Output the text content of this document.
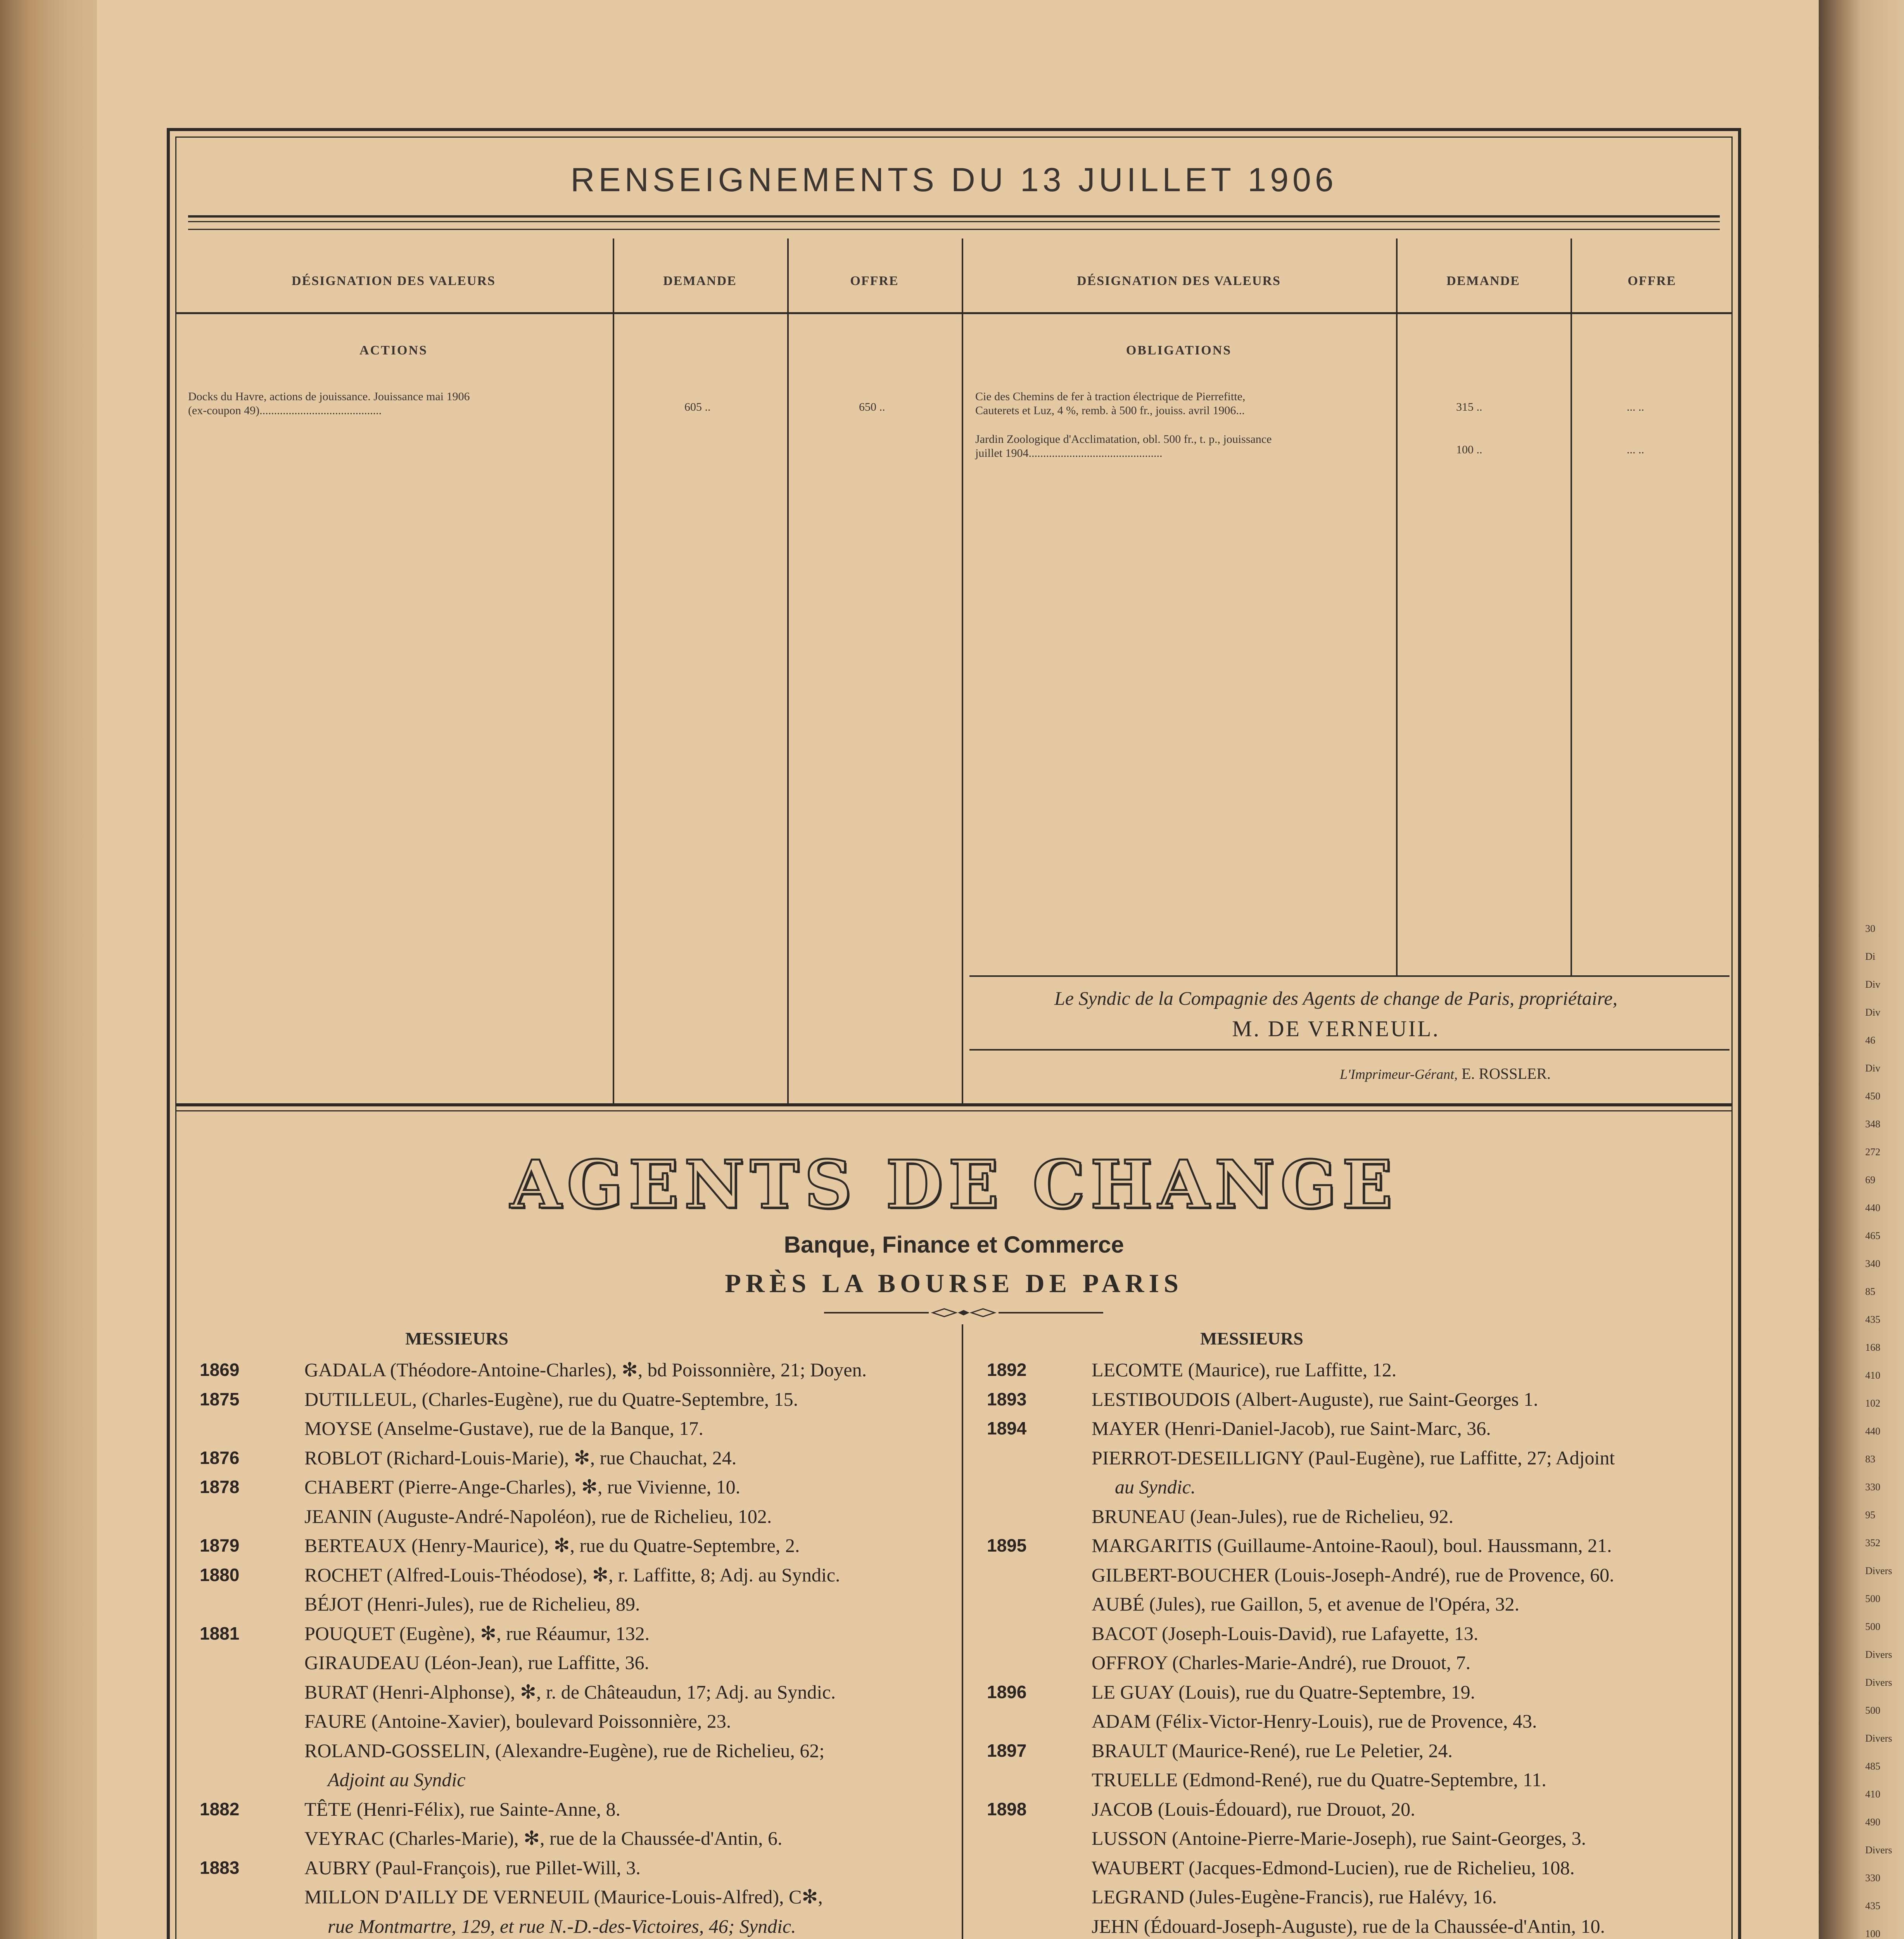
30
Di
Div
Div
46
Div
450
348
272
69
440
465
340
85
435
168
410
102
440
83
330
95
352
Divers
500
500
Divers
Divers
500
Divers
485
410
490
Divers
330
435
100
RENSEIGNEMENTS DU 13 JUILLET 1906
DÉSIGNATION DES VALEURS	DEMANDE	OFFRE	DÉSIGNATION DES VALEURS	DEMANDE	OFFRE
ACTIONS
Docks du Havre, actions de jouissance. Jouissance mai 1906
(ex-coupon 49)..........................................	605 ..	650 ..
OBLIGATIONS
Cie des Chemins de fer à traction électrique de Pierrefitte,
Cauterets et Luz, 4 %, remb. à 500 fr., jouiss. avril 1906...	315 ..	... ..
Jardin Zoologique d'Acclimatation, obl. 500 fr., t. p., jouissance
juillet 1904..............................................	100 ..	... ..
Le Syndic de la Compagnie des Agents de change de Paris, propriétaire,
M. DE VERNEUIL.
L'Imprimeur-Gérant, E. ROSSLER.
AGENTS DE CHANGE
Banque, Finance et Commerce
PRÈS LA BOURSE DE PARIS
MESSIEURS	MESSIEURS
1869	GADALA (Théodore-Antoine-Charles), ✻, bd Poissonnière, 21; Doyen.
1875	DUTILLEUL, (Charles-Eugène), rue du Quatre-Septembre, 15.
MOYSE (Anselme-Gustave), rue de la Banque, 17.
1876	ROBLOT (Richard-Louis-Marie), ✻, rue Chauchat, 24.
1878	CHABERT (Pierre-Ange-Charles), ✻, rue Vivienne, 10.
JEANIN (Auguste-André-Napoléon), rue de Richelieu, 102.
1879	BERTEAUX (Henry-Maurice), ✻, rue du Quatre-Septembre, 2.
1880	ROCHET (Alfred-Louis-Théodose), ✻, r. Laffitte, 8; Adj. au Syndic.
BÉJOT (Henri-Jules), rue de Richelieu, 89.
1881	POUQUET (Eugène), ✻, rue Réaumur, 132.
GIRAUDEAU (Léon-Jean), rue Laffitte, 36.
BURAT (Henri-Alphonse), ✻, r. de Châteaudun, 17; Adj. au Syndic.
FAURE (Antoine-Xavier), boulevard Poissonnière, 23.
ROLAND-GOSSELIN, (Alexandre-Eugène), rue de Richelieu, 62;
Adjoint au Syndic
1882	TÊTE (Henri-Félix), rue Sainte-Anne, 8.
VEYRAC (Charles-Marie), ✻, rue de la Chaussée-d'Antin, 6.
1883	AUBRY (Paul-François), rue Pillet-Will, 3.
MILLON D'AILLY DE VERNEUIL (Maurice-Louis-Alfred), C✻,
rue Montmartre, 129, et rue N.-D.-des-Victoires, 46; Syndic.
1892	LECOMTE (Maurice), rue Laffitte, 12.
1893	LESTIBOUDOIS (Albert-Auguste), rue Saint-Georges 1.
1894	MAYER (Henri-Daniel-Jacob), rue Saint-Marc, 36.
PIERROT-DESEILLIGNY (Paul-Eugène), rue Laffitte, 27; Adjoint
au Syndic.
BRUNEAU (Jean-Jules), rue de Richelieu, 92.
1895	MARGARITIS (Guillaume-Antoine-Raoul), boul. Haussmann, 21.
GILBERT-BOUCHER (Louis-Joseph-André), rue de Provence, 60.
AUBÉ (Jules), rue Gaillon, 5, et avenue de l'Opéra, 32.
BACOT (Joseph-Louis-David), rue Lafayette, 13.
OFFROY (Charles-Marie-André), rue Drouot, 7.
1896	LE GUAY (Louis), rue du Quatre-Septembre, 19.
ADAM (Félix-Victor-Henry-Louis), rue de Provence, 43.
1897	BRAULT (Maurice-René), rue Le Peletier, 24.
TRUELLE (Edmond-René), rue du Quatre-Septembre, 11.
1898	JACOB (Louis-Édouard), rue Drouot, 20.
LUSSON (Antoine-Pierre-Marie-Joseph), rue Saint-Georges, 3.
WAUBERT (Jacques-Edmond-Lucien), rue de Richelieu, 108.
LEGRAND (Jules-Eugène-Francis), rue Halévy, 16.
JEHN (Édouard-Joseph-Auguste), rue de la Chaussée-d'Antin, 10.
